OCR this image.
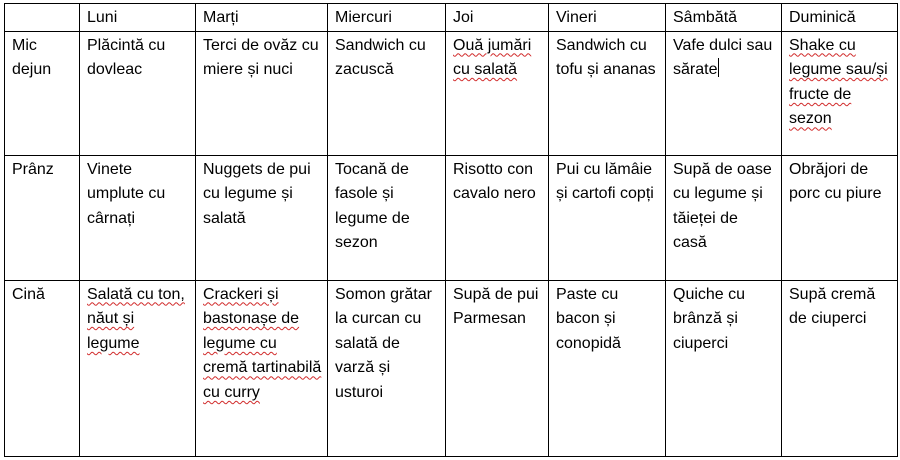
	Luni	Marți	Miercuri	Joi	Vineri	Sâmbătă	Duminică
Mic dejun	Plăcintă cu dovleac	Terci de ovăz cu miere și nuci	Sandwich cu zacuscă	Ouă jumări cu salată	Sandwich cu tofu și ananas	Vafe dulci sau sărate	Shake cu legume sau/și fructe de sezon
Prânz	Vinete umplute cu cârnați	Nuggets de pui cu legume și salată	Tocană de fasole și legume de sezon	Risotto con cavalo nero	Pui cu lămâie și cartofi copți	Supă de oase cu legume și tăieței de casă	Obrăjori de porc cu piure
Cină	Salată cu ton, năut și legume	Crackeri și bastonașe de legume cu cremă tartinabilă cu curry	Somon grătar la curcan cu salată de varză și usturoi	Supă de pui Parmesan	Paste cu bacon și conopidă	Quiche cu brânză și ciuperci	Supă cremă de ciuperci
